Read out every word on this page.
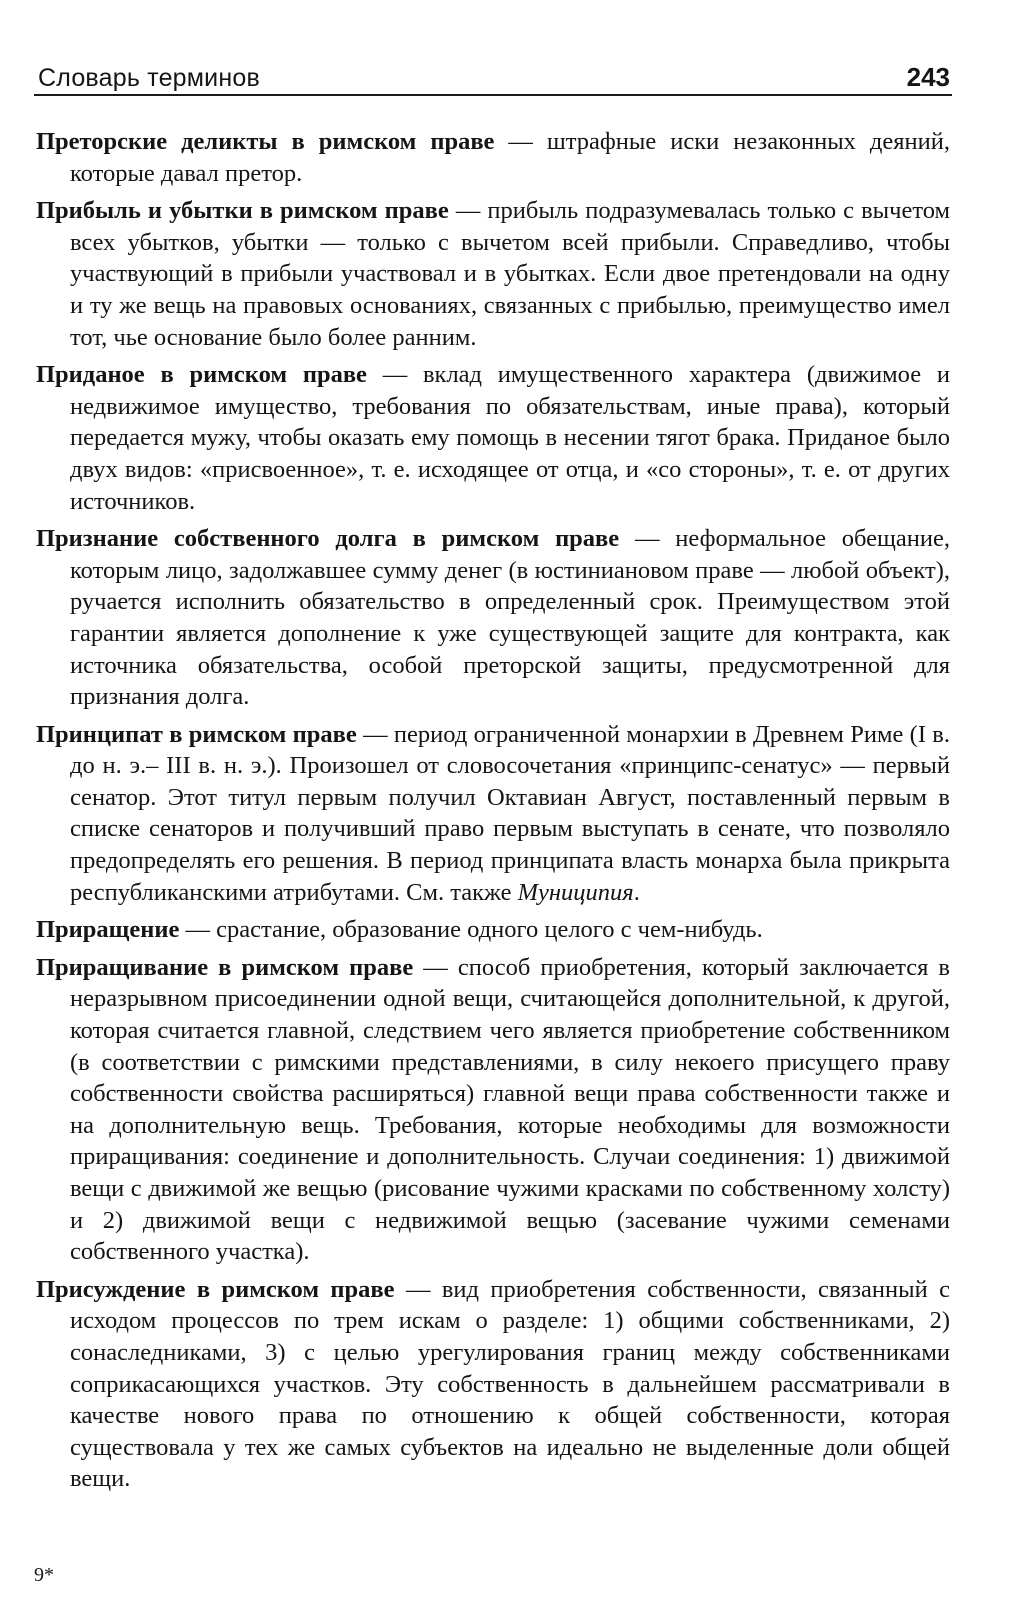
Словарь терминов	243

Преторские деликты в римском праве — штрафные иски незаконных деяний, которые давал претор.

Прибыль и убытки в римском праве — прибыль подразумевалась только с вычетом всех убытков, убытки — только с вычетом всей прибыли. Справедливо, чтобы участвующий в прибыли участвовал и в убытках. Если двое претендовали на одну и ту же вещь на правовых основаниях, связанных с прибылью, преимущество имел тот, чье основание было более ранним.

Приданое в римском праве — вклад имущественного характера (движимое и недвижимое имущество, требования по обязательствам, иные права), который передается мужу, чтобы оказать ему помощь в несении тягот брака. Приданое было двух видов: «присвоенное», т. е. исходящее от отца, и «со стороны», т. е. от других источников.

Признание собственного долга в римском праве — неформальное обещание, которым лицо, задолжавшее сумму денег (в юстиниановом праве — любой объект), ручается исполнить обязательство в определенный срок. Преимуществом этой гарантии является дополнение к уже существующей защите для контракта, как источника обязательства, особой преторской защиты, предусмотренной для признания долга.

Принципат в римском праве — период ограниченной монархии в Древнем Риме (I в. до н. э.– III в. н. э.). Произошел от словосочетания «принципс-сенатус» — первый сенатор. Этот титул первым получил Октавиан Август, поставленный первым в списке сенаторов и получивший право первым выступать в сенате, что позволяло предопределять его решения. В период принципата власть монарха была прикрыта республиканскими атрибутами. См. также Муниципия.

Приращение — срастание, образование одного целого с чем-нибудь.

Приращивание в римском праве — способ приобретения, который заключается в неразрывном присоединении одной вещи, считающейся дополнительной, к другой, которая считается главной, следствием чего является приобретение собственником (в соответствии с римскими представлениями, в силу некоего присущего праву собственности свойства расширяться) главной вещи права собственности также и на дополнительную вещь. Требования, которые необходимы для возможности приращивания: соединение и дополнительность. Случаи соединения: 1) движимой вещи с движимой же вещью (рисование чужими красками по собственному холсту) и 2) движимой вещи с недвижимой вещью (засевание чужими семенами собственного участка).

Присуждение в римском праве — вид приобретения собственности, связанный с исходом процессов по трем искам о разделе: 1) общими собственниками, 2) сонаследниками, 3) с целью урегулирования границ между собственниками соприкасающихся участков. Эту собственность в дальнейшем рассматривали в качестве нового права по отношению к общей собственности, которая существовала у тех же самых субъектов на идеально не выделенные доли общей вещи.

9*
